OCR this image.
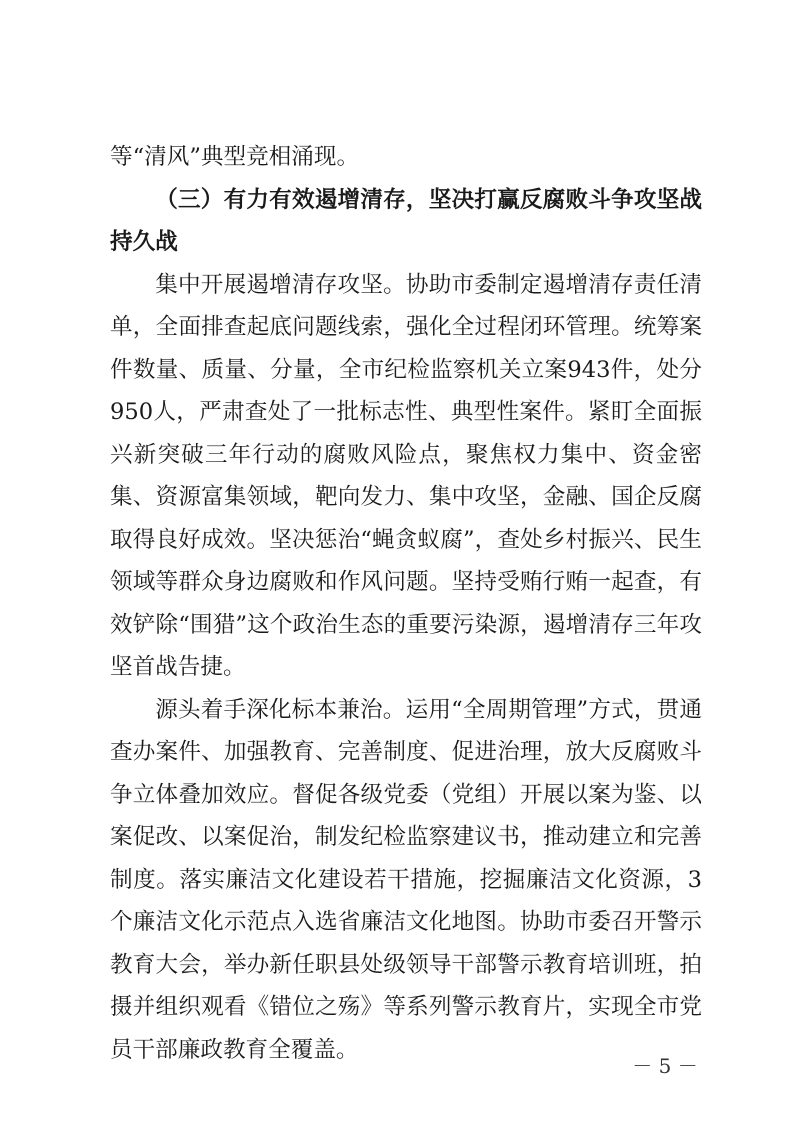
等“清风”典型竞相涌现。

（三）有力有效遏增清存，坚决打赢反腐败斗争攻坚战持久战

集中开展遏增清存攻坚。协助市委制定遏增清存责任清单，全面排查起底问题线索，强化全过程闭环管理。统筹案件数量、质量、分量，全市纪检监察机关立案943件，处分950人，严肃查处了一批标志性、典型性案件。紧盯全面振兴新突破三年行动的腐败风险点，聚焦权力集中、资金密集、资源富集领域，靶向发力、集中攻坚，金融、国企反腐取得良好成效。坚决惩治“蝇贪蚁腐”，查处乡村振兴、民生领域等群众身边腐败和作风问题。坚持受贿行贿一起查，有效铲除“围猎”这个政治生态的重要污染源，遏增清存三年攻坚首战告捷。

源头着手深化标本兼治。运用“全周期管理”方式，贯通查办案件、加强教育、完善制度、促进治理，放大反腐败斗争立体叠加效应。督促各级党委（党组）开展以案为鉴、以案促改、以案促治，制发纪检监察建议书，推动建立和完善制度。落实廉洁文化建设若干措施，挖掘廉洁文化资源，3个廉洁文化示范点入选省廉洁文化地图。协助市委召开警示教育大会，举办新任职县处级领导干部警示教育培训班，拍摄并组织观看《错位之殇》等系列警示教育片，实现全市党员干部廉政教育全覆盖。

－ 5 －
